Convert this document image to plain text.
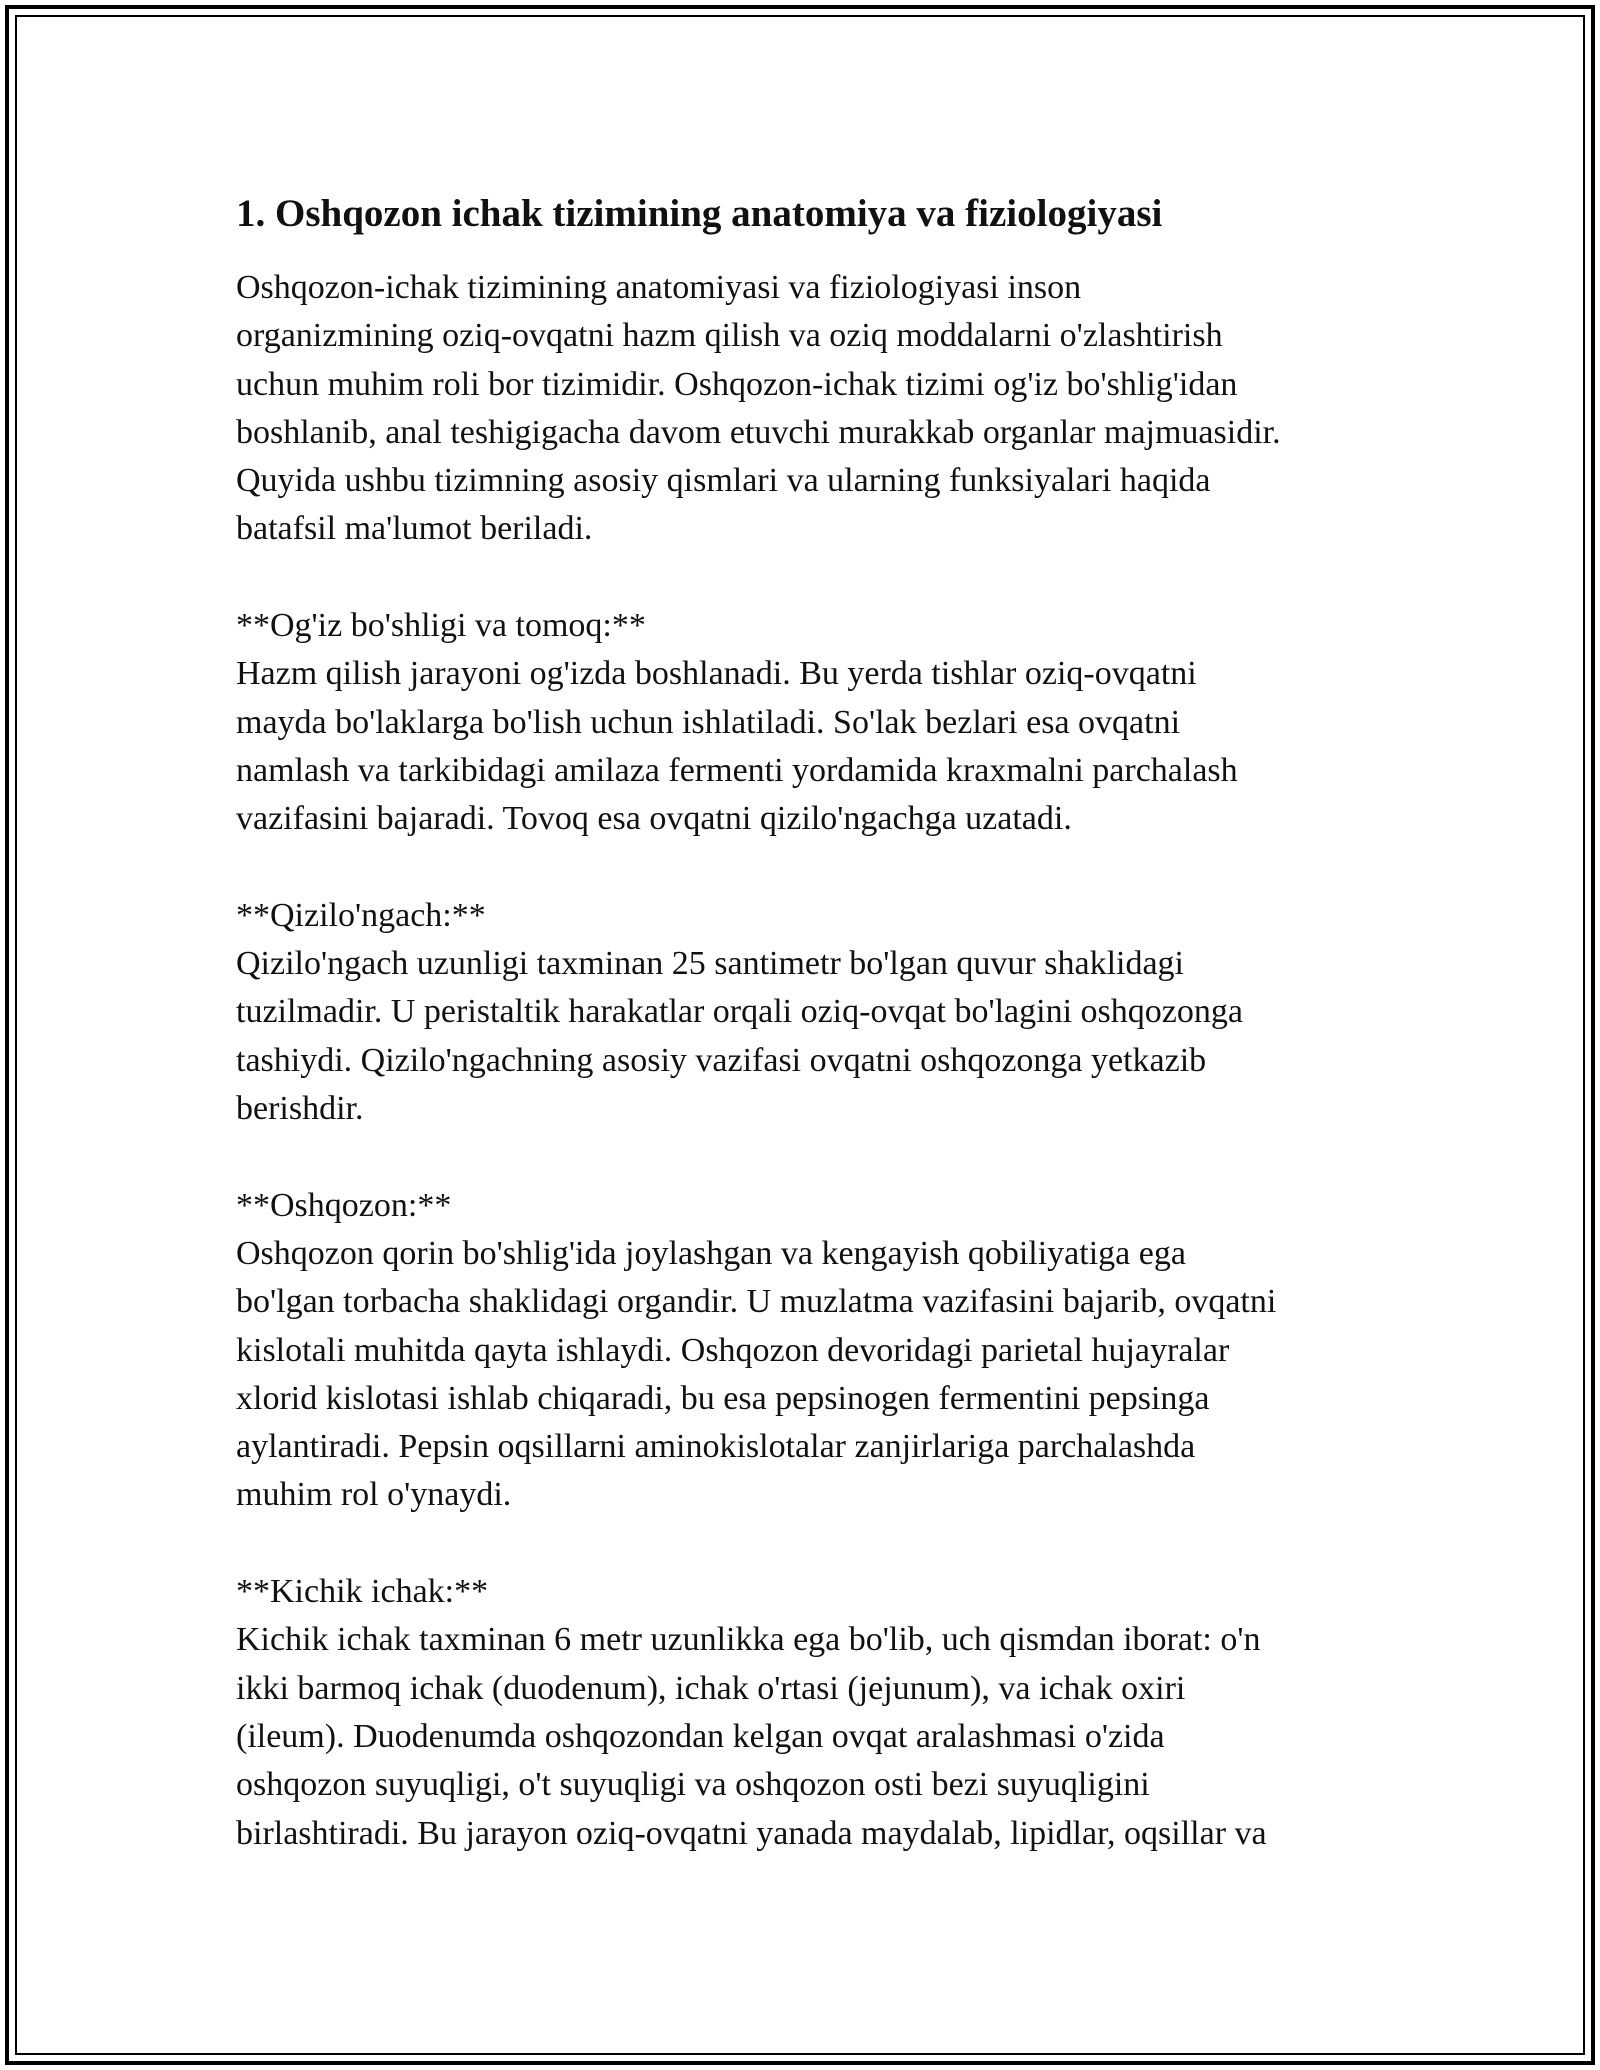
1. Oshqozon ichak tizimining anatomiya va fiziologiyasi

Oshqozon-ichak tizimining anatomiyasi va fiziologiyasi inson
organizmining oziq-ovqatni hazm qilish va oziq moddalarni o'zlashtirish
uchun muhim roli bor tizimidir. Oshqozon-ichak tizimi og'iz bo'shlig'idan
boshlanib, anal teshigigacha davom etuvchi murakkab organlar majmuasidir.
Quyida ushbu tizimning asosiy qismlari va ularning funksiyalari haqida
batafsil ma'lumot beriladi.

**Og'iz bo'shligi va tomoq:**
Hazm qilish jarayoni og'izda boshlanadi. Bu yerda tishlar oziq-ovqatni
mayda bo'laklarga bo'lish uchun ishlatiladi. So'lak bezlari esa ovqatni
namlash va tarkibidagi amilaza fermenti yordamida kraxmalni parchalash
vazifasini bajaradi. Tovoq esa ovqatni qizilo'ngachga uzatadi.

**Qizilo'ngach:**
Qizilo'ngach uzunligi taxminan 25 santimetr bo'lgan quvur shaklidagi
tuzilmadir. U peristaltik harakatlar orqali oziq-ovqat bo'lagini oshqozonga
tashiydi. Qizilo'ngachning asosiy vazifasi ovqatni oshqozonga yetkazib
berishdir.

**Oshqozon:**
Oshqozon qorin bo'shlig'ida joylashgan va kengayish qobiliyatiga ega
bo'lgan torbacha shaklidagi organdir. U muzlatma vazifasini bajarib, ovqatni
kislotali muhitda qayta ishlaydi. Oshqozon devoridagi parietal hujayralar
xlorid kislotasi ishlab chiqaradi, bu esa pepsinogen fermentini pepsinga
aylantiradi. Pepsin oqsillarni aminokislotalar zanjirlariga parchalashda
muhim rol o'ynaydi.

**Kichik ichak:**
Kichik ichak taxminan 6 metr uzunlikka ega bo'lib, uch qismdan iborat: o'n
ikki barmoq ichak (duodenum), ichak o'rtasi (jejunum), va ichak oxiri
(ileum). Duodenumda oshqozondan kelgan ovqat aralashmasi o'zida
oshqozon suyuqligi, o't suyuqligi va oshqozon osti bezi suyuqligini
birlashtiradi. Bu jarayon oziq-ovqatni yanada maydalab, lipidlar, oqsillar va
